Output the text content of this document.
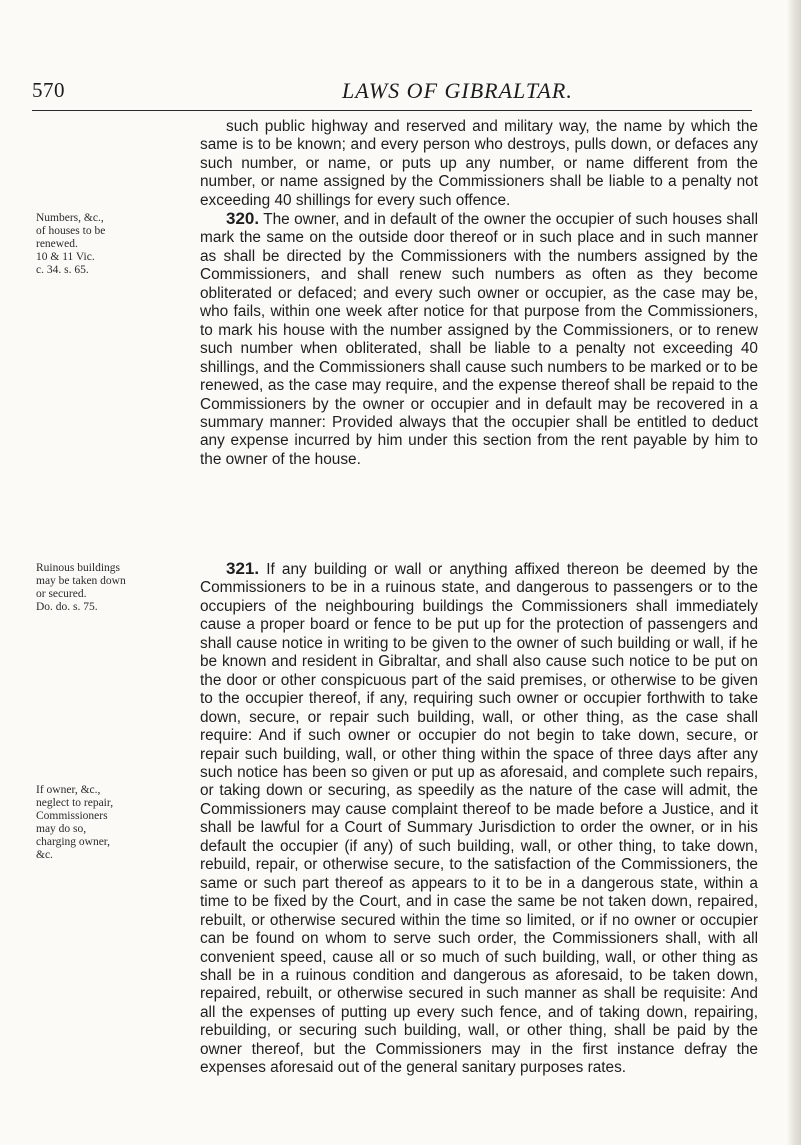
570	LAWS OF GIBRALTAR.

such public highway and reserved and military way, the name by which the same is to be known; and every person who destroys, pulls down, or defaces any such number, or name, or puts up any number, or name different from the number, or name assigned by the Commissioners shall be liable to a penalty not exceeding 40 shillings for every such offence.

320. The owner, and in default of the owner the occupier of such houses shall mark the same on the outside door thereof or in such place and in such manner as shall be directed by the Commissioners with the numbers assigned by the Commissioners, and shall renew such numbers as often as they become obliterated or defaced; and every such owner or occupier, as the case may be, who fails, within one week after notice for that purpose from the Commissioners, to mark his house with the number assigned by the Commissioners, or to renew such number when obliterated, shall be liable to a penalty not exceeding 40 shillings, and the Commissioners shall cause such numbers to be marked or to be renewed, as the case may require, and the expense thereof shall be repaid to the Commissioners by the owner or occupier and in default may be recovered in a summary manner: Provided always that the occupier shall be entitled to deduct any expense incurred by him under this section from the rent payable by him to the owner of the house.

321. If any building or wall or anything affixed thereon be deemed by the Commissioners to be in a ruinous state, and dangerous to passengers or to the occupiers of the neighbouring buildings the Commissioners shall immediately cause a proper board or fence to be put up for the protection of passengers and shall cause notice in writing to be given to the owner of such building or wall, if he be known and resident in Gibraltar, and shall also cause such notice to be put on the door or other conspicuous part of the said premises, or otherwise to be given to the occupier thereof, if any, requiring such owner or occupier forthwith to take down, secure, or repair such building, wall, or other thing, as the case shall require: And if such owner or occupier do not begin to take down, secure, or repair such building, wall, or other thing within the space of three days after any such notice has been so given or put up as aforesaid, and complete such repairs, or taking down or securing, as speedily as the nature of the case will admit, the Commissioners may cause complaint thereof to be made before a Justice, and it shall be lawful for a Court of Summary Jurisdiction to order the owner, or in his default the occupier (if any) of such building, wall, or other thing, to take down, rebuild, repair, or otherwise secure, to the satisfaction of the Commissioners, the same or such part thereof as appears to it to be in a dangerous state, within a time to be fixed by the Court, and in case the same be not taken down, repaired, rebuilt, or otherwise secured within the time so limited, or if no owner or occupier can be found on whom to serve such order, the Commissioners shall, with all convenient speed, cause all or so much of such building, wall, or other thing as shall be in a ruinous condition and dangerous as aforesaid, to be taken down, repaired, rebuilt, or otherwise secured in such manner as shall be requisite: And all the expenses of putting up every such fence, and of taking down, repairing, rebuilding, or securing such building, wall, or other thing, shall be paid by the owner thereof, but the Commissioners may in the first instance defray the expenses aforesaid out of the general sanitary purposes rates.

Numbers, &c.,
of houses to be
renewed.
10 & 11 Vic.
c. 34. s. 65.
Ruinous buildings
may be taken down
or secured.
Do. do. s. 75.
If owner, &c.,
neglect to repair,
Commissioners
may do so,
charging owner,
&c.
